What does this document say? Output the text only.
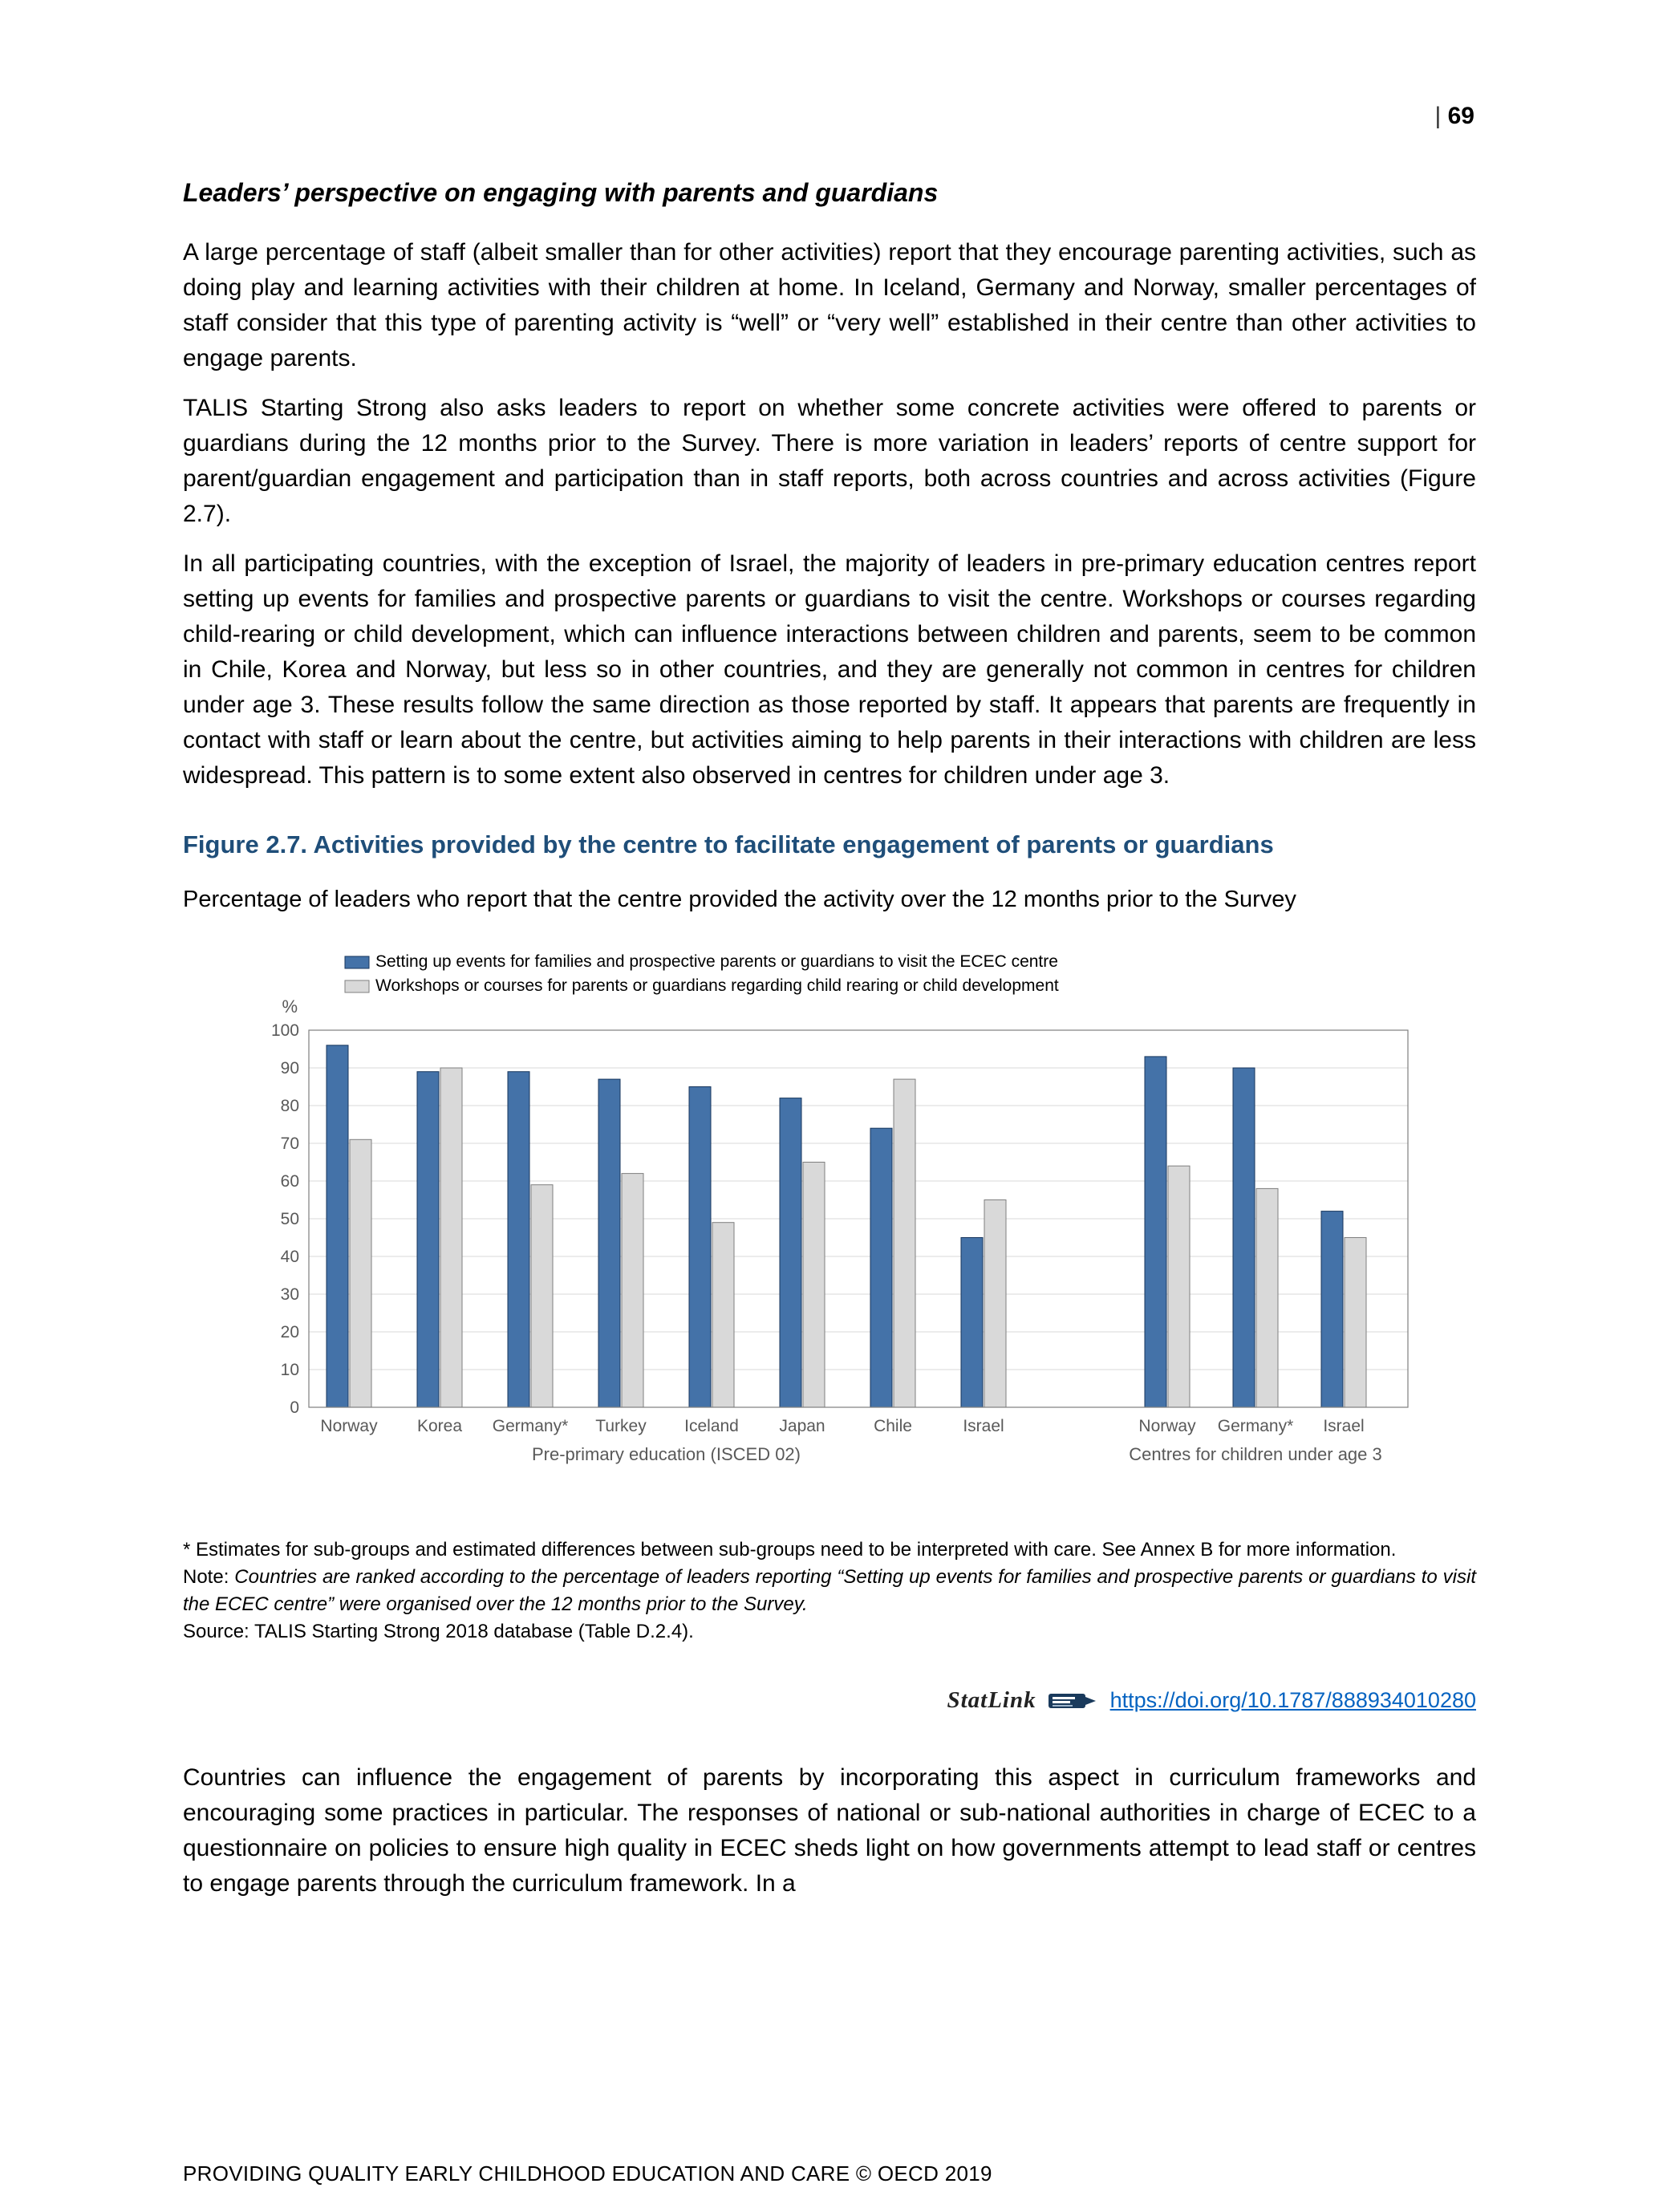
| 69
Leaders’ perspective on engaging with parents and guardians

A large percentage of staff (albeit smaller than for other activities) report that they encourage parenting activities, such as doing play and learning activities with their children at home. In Iceland, Germany and Norway, smaller percentages of staff consider that this type of parenting activity is “well” or “very well” established in their centre than other activities to engage parents.

TALIS Starting Strong also asks leaders to report on whether some concrete activities were offered to parents or guardians during the 12 months prior to the Survey. There is more variation in leaders’ reports of centre support for parent/guardian engagement and participation than in staff reports, both across countries and across activities (Figure 2.7).

In all participating countries, with the exception of Israel, the majority of leaders in pre-primary education centres report setting up events for families and prospective parents or guardians to visit the centre. Workshops or courses regarding child-rearing or child development, which can influence interactions between children and parents, seem to be common in Chile, Korea and Norway, but less so in other countries, and they are generally not common in centres for children under age 3. These results follow the same direction as those reported by staff. It appears that parents are frequently in contact with staff or learn about the centre, but activities aiming to help parents in their interactions with children are less widespread. This pattern is to some extent also observed in centres for children under age 3.

Figure 2.7. Activities provided by the centre to facilitate engagement of parents or guardians

Percentage of leaders who report that the centre provided the activity over the 12 months prior to the Survey

0
10
20
30
40
50
60
70
80
90
100
%
Norway Korea Germany* Turkey Iceland Japan	Chile	Israel
Pre-primary education (ISCED 02)
Norway Germany* Israel
Centres for children under age 3
Setting up events for families and prospective parents or guardians to visit the ECEC centre
Workshops or courses for parents or guardians regarding child rearing or child development

* Estimates for sub-groups and estimated differences between sub-groups need to be interpreted with care. See Annex B for more information.

Note: Countries are ranked according to the percentage of leaders reporting “Setting up events for families and prospective parents or guardians to visit the ECEC centre” were organised over the 12 months prior to the Survey.

Source: TALIS Starting Strong 2018 database (Table D.2.4).

StatLink	https://doi.org/10.1787/888934010280

Countries can influence the engagement of parents by incorporating this aspect in curriculum frameworks and encouraging some practices in particular. The responses of national or sub-national authorities in charge of ECEC to a questionnaire on policies to ensure high quality in ECEC sheds light on how governments attempt to lead staff or centres to engage parents through the curriculum framework. In a

PROVIDING QUALITY EARLY CHILDHOOD EDUCATION AND CARE © OECD 2019
